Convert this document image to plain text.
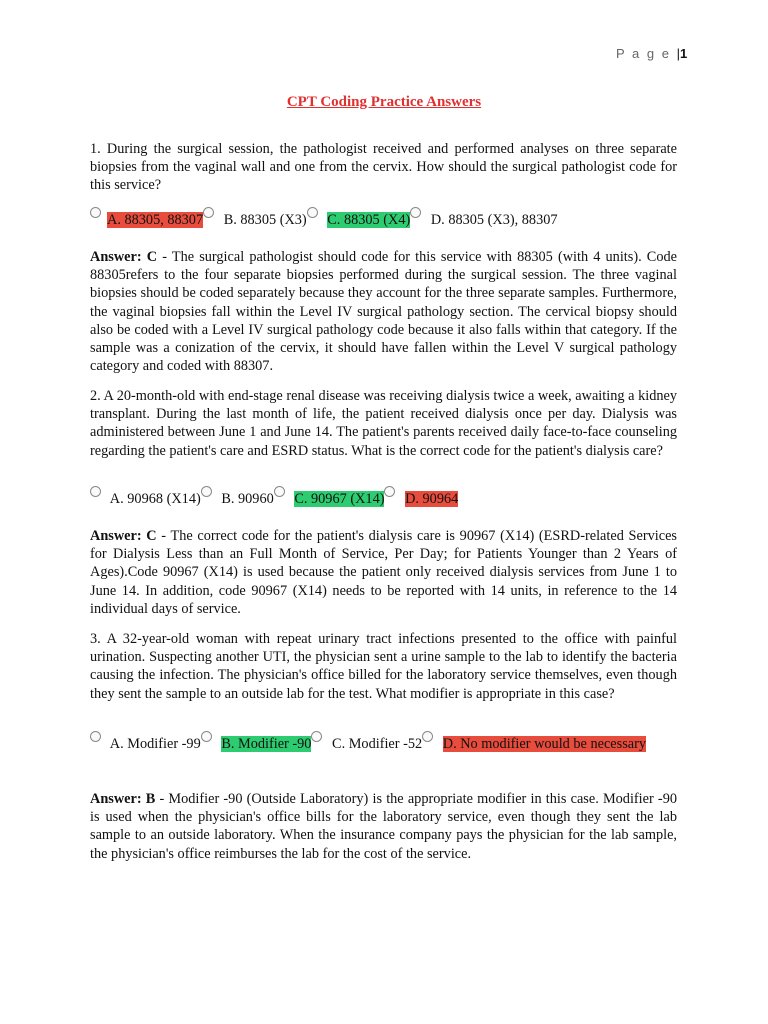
P a g e |1
CPT Coding Practice Answers
1. During the surgical session, the pathologist received and performed analyses on three separate biopsies from the vaginal wall and one from the cervix. How should the surgical pathologist code for this service?
A. 88305, 88307 B. 88305 (X3) C. 88305 (X4) D. 88305 (X3), 88307
Answer: C - The surgical pathologist should code for this service with 88305 (with 4 units). Code 88305refers to the four separate biopsies performed during the surgical session. The three vaginal biopsies should be coded separately because they account for the three separate samples. Furthermore, the vaginal biopsies fall within the Level IV surgical pathology section. The cervical biopsy should also be coded with a Level IV surgical pathology code because it also falls within that category. If the sample was a conization of the cervix, it should have fallen within the Level V surgical pathology category and coded with 88307.
2. A 20-month-old with end-stage renal disease was receiving dialysis twice a week, awaiting a kidney transplant. During the last month of life, the patient received dialysis once per day. Dialysis was administered between June 1 and June 14. The patient's parents received daily face-to-face counseling regarding the patient's care and ESRD status. What is the correct code for the patient's dialysis care?
A. 90968 (X14) B. 90960 C. 90967 (X14) D. 90964
Answer: C - The correct code for the patient's dialysis care is 90967 (X14) (ESRD-related Services for Dialysis Less than an Full Month of Service, Per Day; for Patients Younger than 2 Years of Ages).Code 90967 (X14) is used because the patient only received dialysis services from June 1 to June 14. In addition, code 90967 (X14) needs to be reported with 14 units, in reference to the 14 individual days of service.
3. A 32-year-old woman with repeat urinary tract infections presented to the office with painful urination. Suspecting another UTI, the physician sent a urine sample to the lab to identify the bacteria causing the infection. The physician's office billed for the laboratory service themselves, even though they sent the sample to an outside lab for the test. What modifier is appropriate in this case?
A. Modifier -99 B. Modifier -90 C. Modifier -52 D. No modifier would be necessary
Answer: B - Modifier -90 (Outside Laboratory) is the appropriate modifier in this case. Modifier -90 is used when the physician's office bills for the laboratory service, even though they sent the lab sample to an outside laboratory. When the insurance company pays the physician for the lab sample, the physician's office reimburses the lab for the cost of the service.
